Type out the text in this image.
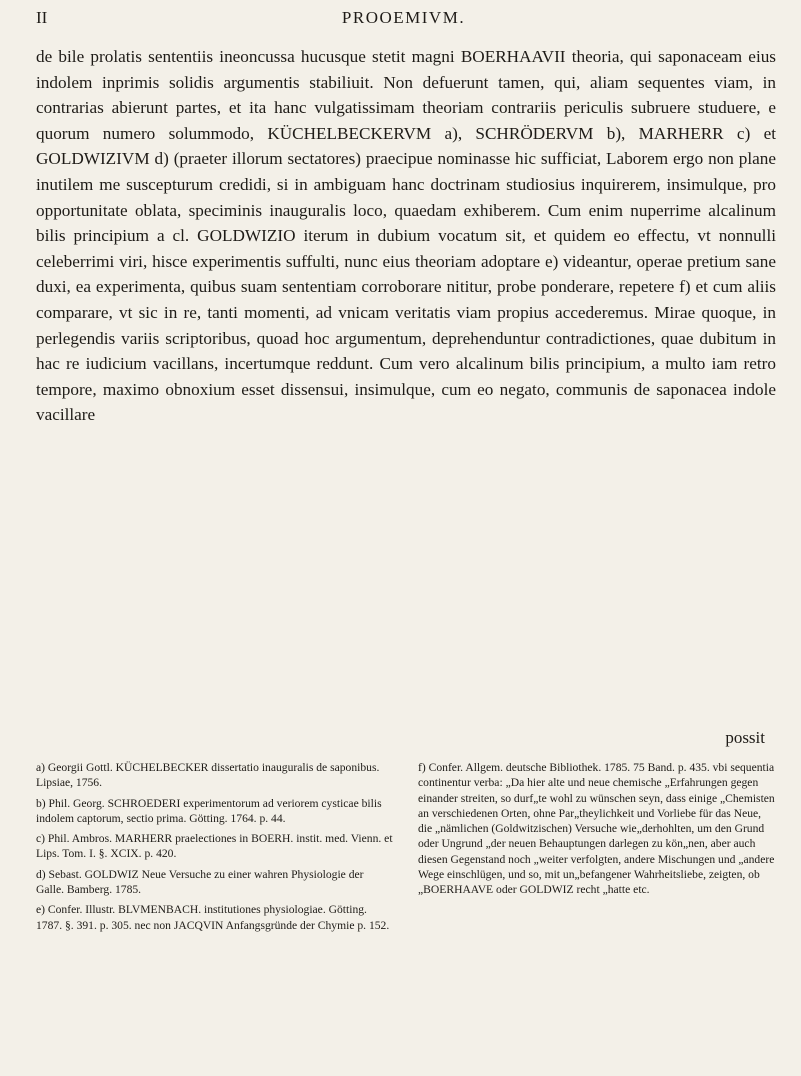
II	PROOEMIVM.

de bile prolatis sententiis ineoncussa hucusque stetit magni BOERHAAVII theoria, qui saponaceam eius indolem inprimis solidis argumentis stabiliuit. Non defuerunt tamen, qui, aliam sequentes viam, in contrarias abierunt partes, et ita hanc vulgatissimam theoriam contrariis periculis subruere studuere, e quorum numero solummodo, KÜCHELBECKERVM a), SCHRÖDERVM b), MARHERR c) et GOLDWIZIVM d) (praeter illorum sectatores) praecipue nominasse hic sufficiat, Laborem ergo non plane inutilem me suscepturum credidi, si in ambiguam hanc doctrinam studiosius inquirerem, insimulque, pro opportunitate oblata, speciminis inauguralis loco, quaedam exhiberem. Cum enim nuperrime alcalinum bilis principium a cl. GOLDWIZIO iterum in dubium vocatum sit, et quidem eo effectu, vt nonnulli celeberrimi viri, hisce experimentis suffulti, nunc eius theoriam adoptare e) videantur, operae pretium sane duxi, ea experimenta, quibus suam sententiam corroborare nititur, probe ponderare, repetere f) et cum aliis comparare, vt sic in re, tanti momenti, ad vnicam veritatis viam propius accederemus. Mirae quoque, in perlegendis variis scriptoribus, quoad hoc argumentum, deprehenduntur contradictiones, quae dubitum in hac re iudicium vacillans, incertumque reddunt. Cum vero alcalinum bilis principium, a multo iam retro tempore, maximo obnoxium esset dissensui, insimulque, cum eo negato, communis de saponacea indole vacillare

possit

a) Georgii Gottl. KÜCHELBECKER dissertatio inauguralis de saponibus. Lipsiae, 1756.

b) Phil. Georg. SCHROEDERI experimentorum ad veriorem cysticae bilis indolem captorum, sectio prima. Götting. 1764. p. 44.

c) Phil. Ambros. MARHERR praelectiones in BOERH. instit. med. Vienn. et Lips. Tom. I. §. XCIX. p. 420.

d) Sebast. GOLDWIZ Neue Versuche zu einer wahren Physiologie der Galle. Bamberg. 1785.

e) Confer. Illustr. BLVMENBACH. institutiones physiologiae. Götting. 1787. §. 391. p. 305. nec non JACQVIN Anfangsgründe der Chymie p. 152.

f) Confer. Allgem. deutsche Bibliothek. 1785. 75 Band. p. 435. vbi sequentia continentur verba: „Da hier alte und neue chemische „Erfahrungen gegen einander streiten, so durf„te wohl zu wünschen seyn, dass einige „Chemisten an verschiedenen Orten, ohne Par„theylichkeit und Vorliebe für das Neue, die „nämlichen (Goldwitzischen) Versuche wie„derhohlten, um den Grund oder Ungrund „der neuen Behauptungen darlegen zu kön„nen, aber auch diesen Gegenstand noch „weiter verfolgten, andere Mischungen und „andere Wege einschlügen, und so, mit un„befangener Wahrheitsliebe, zeigten, ob „BOERHAAVE oder GOLDWIZ recht „hatte etc.
